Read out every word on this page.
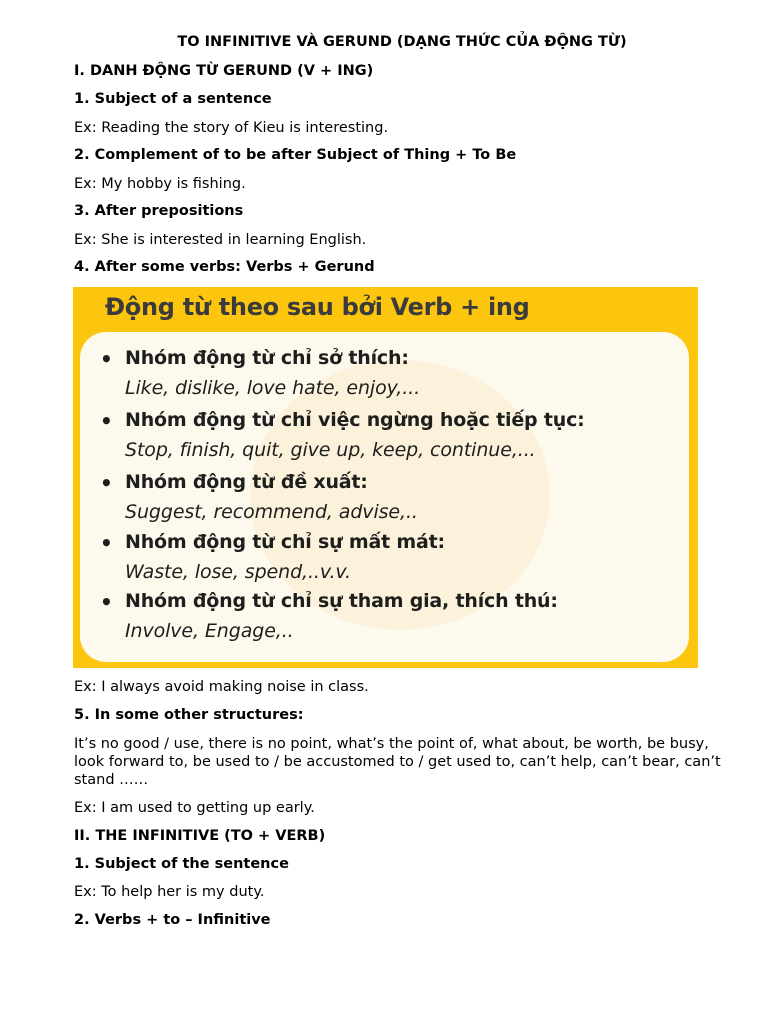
TO INFINITIVE VÀ GERUND (DẠNG THỨC CỦA ĐỘNG TỪ)
I. DANH ĐỘNG TỪ GERUND (V + ING)
1. Subject of a sentence
Ex: Reading the story of Kieu is interesting.
2. Complement of to be after Subject of Thing + To Be
Ex: My hobby is fishing.
3. After prepositions
Ex: She is interested in learning English.
4. After some verbs: Verbs + Gerund
Động từ theo sau bởi Verb + ing
• Nhóm động từ chỉ sở thích:
Like, dislike, love hate, enjoy,...
• Nhóm động từ chỉ việc ngừng hoặc tiếp tục:
Stop, finish, quit, give up, keep, continue,...
• Nhóm động từ đề xuất:
Suggest, recommend, advise,..
• Nhóm động từ chỉ sự mất mát:
Waste, lose, spend,..v.v.
• Nhóm động từ chỉ sự tham gia, thích thú:
Involve, Engage,..
Ex: I always avoid making noise in class.
5. In some other structures:
It’s no good / use, there is no point, what’s the point of, what about, be worth, be busy, look forward to, be used to / be accustomed to / get used to, can’t help, can’t bear, can’t stand ……
Ex: I am used to getting up early.
II. THE INFINITIVE (TO + VERB)
1. Subject of the sentence
Ex: To help her is my duty.
2. Verbs + to – Infinitive
